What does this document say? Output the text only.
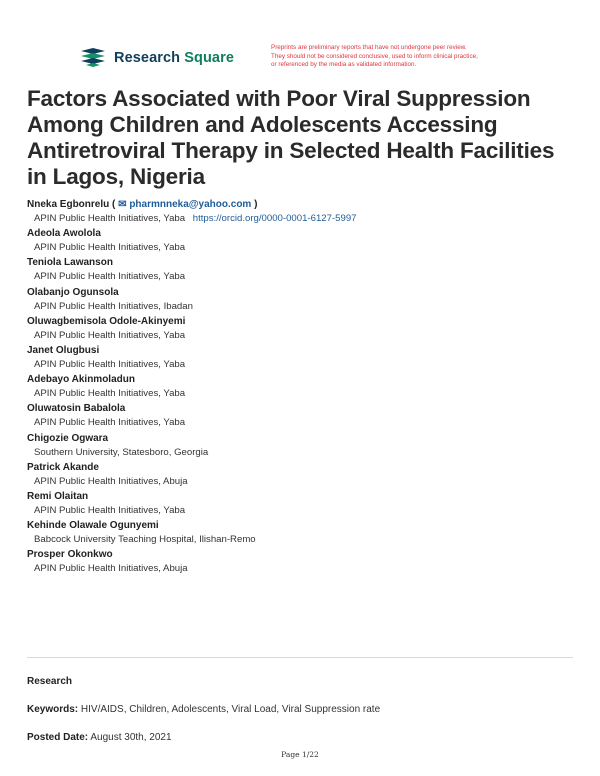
Research Square
Preprints are preliminary reports that have not undergone peer review.
They should not be considered conclusive, used to inform clinical practice,
or referenced by the media as validated information.
Factors Associated with Poor Viral Suppression Among Children and Adolescents Accessing Antiretroviral Therapy in Selected Health Facilities in Lagos, Nigeria
Nneka Egbonrelu ( ✉ pharmnneka@yahoo.com )
APIN Public Health Initiatives, Yaba https://orcid.org/0000-0001-6127-5997
Adeola Awolola
APIN Public Health Initiatives, Yaba
Teniola Lawanson
APIN Public Health Initiatives, Yaba
Olabanjo Ogunsola
APIN Public Health Initiatives, Ibadan
Oluwagbemisola Odole-Akinyemi
APIN Public Health Initiatives, Yaba
Janet Olugbusi
APIN Public Health Initiatives, Yaba
Adebayo Akinmoladun
APIN Public Health Initiatives, Yaba
Oluwatosin Babalola
APIN Public Health Initiatives, Yaba
Chigozie Ogwara
Southern University, Statesboro, Georgia
Patrick Akande
APIN Public Health Initiatives, Abuja
Remi Olaitan
APIN Public Health Initiatives, Yaba
Kehinde Olawale Ogunyemi
Babcock University Teaching Hospital, Ilishan-Remo
Prosper Okonkwo
APIN Public Health Initiatives, Abuja
Research
Keywords: HIV/AIDS, Children, Adolescents, Viral Load, Viral Suppression rate
Posted Date: August 30th, 2021
Page 1/22
